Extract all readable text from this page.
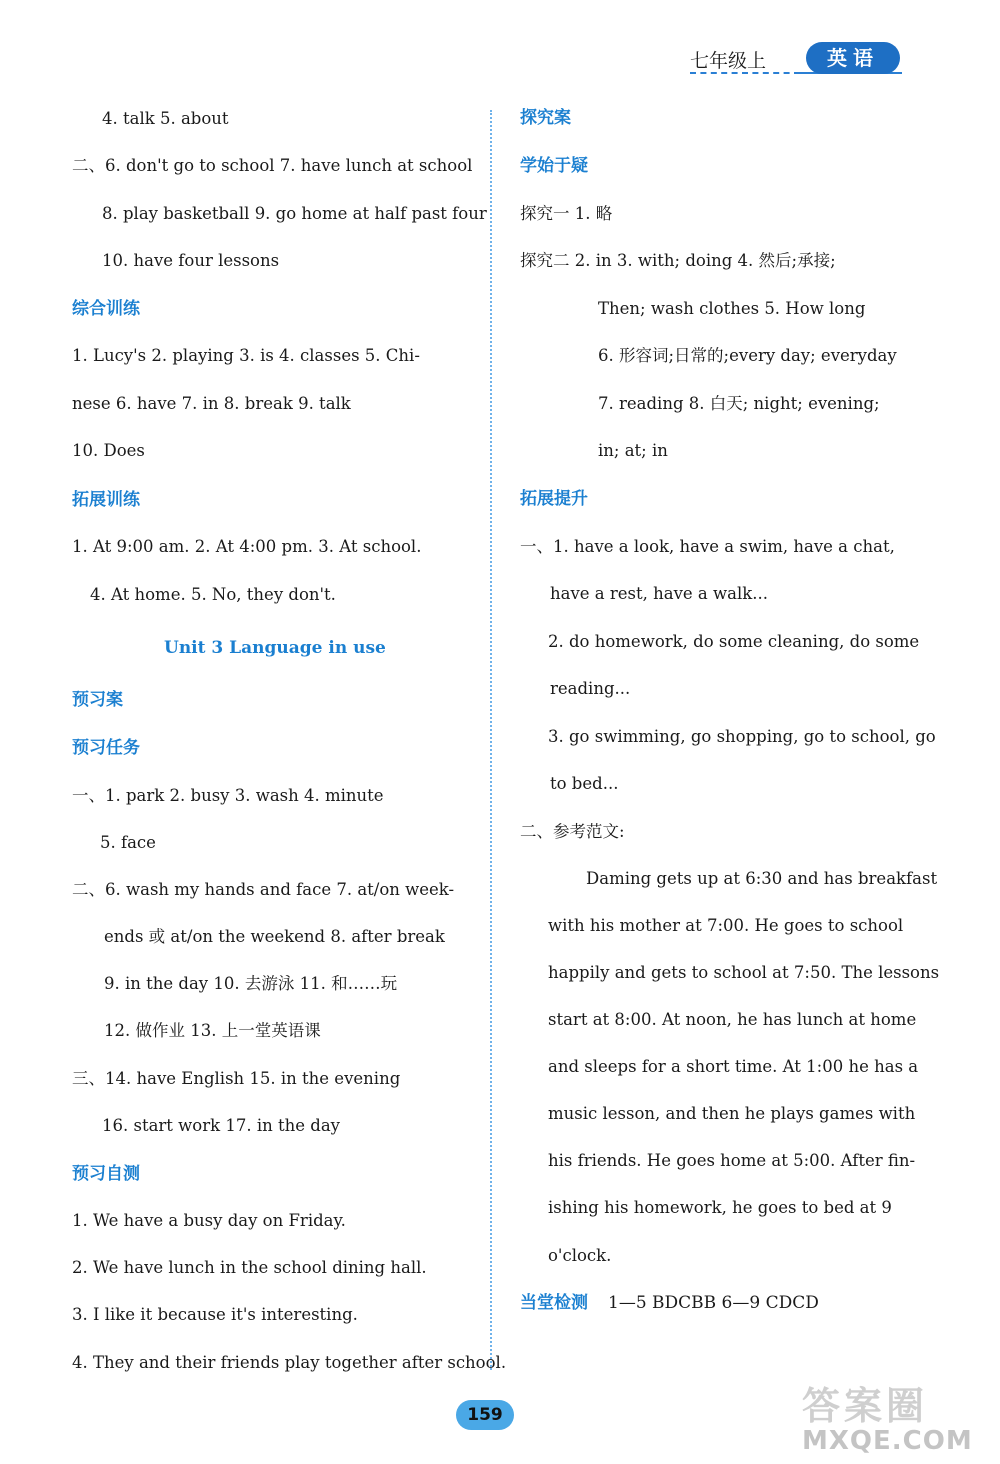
七年级上	英语
4. talk 5. about
二、6. don't go to school 7. have lunch at school
8. play basketball 9. go home at half past four
10. have four lessons
综合训练
1. Lucy's 2. playing 3. is 4. classes 5. Chi-
nese 6. have 7. in 8. break 9. talk
10. Does
拓展训练
1. At 9:00 am. 2. At 4:00 pm. 3. At school.
4. At home. 5. No, they don't.
Unit 3 Language in use
预习案
预习任务
一、1. park 2. busy 3. wash 4. minute
5. face
二、6. wash my hands and face 7. at/on week-
ends 或 at/on the weekend 8. after break
9. in the day 10. 去游泳 11. 和……玩
12. 做作业 13. 上一堂英语课
三、14. have English 15. in the evening
16. start work 17. in the day
预习自测
1. We have a busy day on Friday.
2. We have lunch in the school dining hall.
3. I like it because it's interesting.
4. They and their friends play together after school.
探究案
学始于疑
探究一 1. 略
探究二 2. in 3. with; doing 4. 然后;承接;
Then; wash clothes 5. How long
6. 形容词;日常的;every day; everyday
7. reading 8. 白天; night; evening;
in; at; in
拓展提升
一、1. have a look, have a swim, have a chat,
have a rest, have a walk...
2. do homework, do some cleaning, do some
reading...
3. go swimming, go shopping, go to school, go
to bed...
二、参考范文:
Daming gets up at 6:30 and has breakfast
with his mother at 7:00. He goes to school
happily and gets to school at 7:50. The lessons
start at 8:00. At noon, he has lunch at home
and sleeps for a short time. At 1:00 he has a
music lesson, and then he plays games with
his friends. He goes home at 5:00. After fin-
ishing his homework, he goes to bed at 9
o'clock.
当堂检测 1—5 BDCBB 6—9 CDCD
159	答案圈
MXQE.COM
